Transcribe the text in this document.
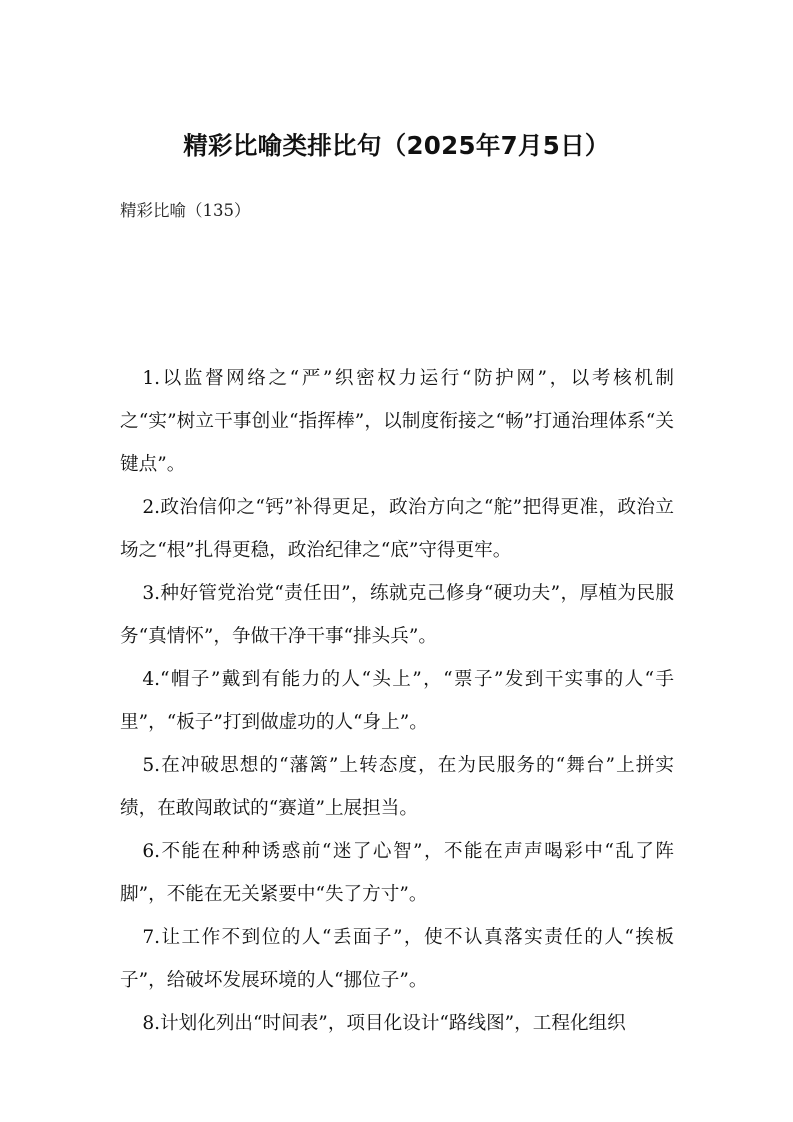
精彩比喻类排比句（2025年7月5日）

精彩比喻（135）

1.以监督网络之“严”织密权力运行“防护网”，以考核机制之“实”树立干事创业“指挥棒”，以制度衔接之“畅”打通治理体系“关键点”。

2.政治信仰之“钙”补得更足，政治方向之“舵”把得更准，政治立场之“根”扎得更稳，政治纪律之“底”守得更牢。

3.种好管党治党“责任田”，练就克己修身“硬功夫”，厚植为民服务“真情怀”，争做干净干事“排头兵”。

4.“帽子”戴到有能力的人“头上”，“票子”发到干实事的人“手里”，“板子”打到做虚功的人“身上”。

5.在冲破思想的“藩篱”上转态度，在为民服务的“舞台”上拼实绩，在敢闯敢试的“赛道”上展担当。

6.不能在种种诱惑前“迷了心智”，不能在声声喝彩中“乱了阵脚”，不能在无关紧要中“失了方寸”。

7.让工作不到位的人“丢面子”，使不认真落实责任的人“挨板子”，给破坏发展环境的人“挪位子”。

8.计划化列出“时间表”，项目化设计“路线图”，工程化组织
